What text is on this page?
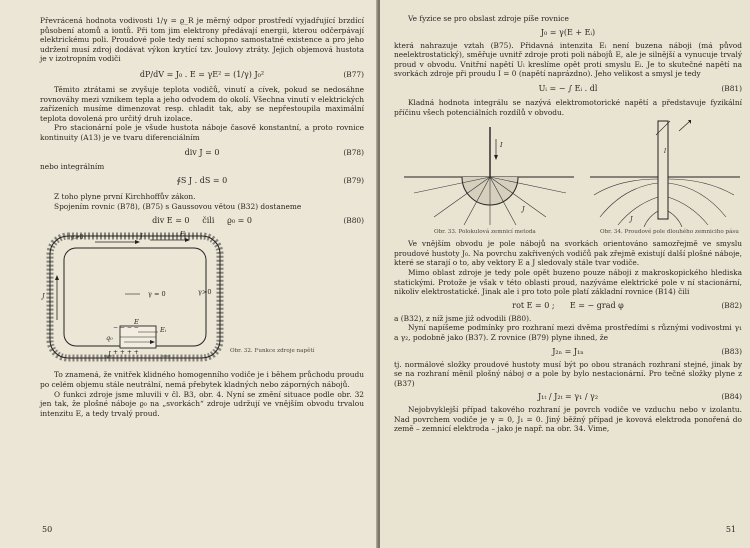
Převrácená hodnota vodivosti 1/γ = ϱ_R je měrný odpor prostředí vyjadřující brzdící působení atomů a iontů. Při tom jim elektrony předávají energii, kterou odčerpávají elektrickému poli. Proudové pole tedy není schopno samostatné existence a pro jeho udržení musí zdroj dodávat výkon krytící tzv. Joulovy ztráty. Jejich objemová hustota je v izotropním vodiči

dP/dV = J₀ . E = γE² = (1/γ) J₀²	(B77)

Těmito ztrátami se zvyšuje teplota vodičů, vinutí a cívek, pokud se nedosáhne rovnováhy mezi vznikem tepla a jeho odvodem do okolí. Všechna vinutí v elektrických zařízeních musíme dimenzovat resp. chladit tak, aby se nepřestoupila maximální teplota dovolená pro určitý druh izolace.

Pro stacionární pole je všude hustota náboje časově konstantní, a proto rovnice kontinuity (A13) je ve tvaru diferenciálním

div J = 0	(B78)

nebo integrálním

∮S J . dS = 0	(B79)

Z toho plyne první Kirchhoffův zákon.

Spojením rovnic (B78), (B75) s Gaussovou větou (B32) dostaneme

div E = 0 čili ϱ₀ = 0	(B80)
− − − −
+ + + +
γ>0	J	E
J	γ = 0	γ>0
E
Eᵢ
q₀
J	Obr. 32. Funkce zdroje napětí

To znamená, že vnitřek klidného homogenního vodiče je i během průchodu proudu po celém objemu stále neutrální, nemá přebytek kladných nebo záporných nábojů.

O funkci zdroje jsme mluvili v čl. B3, obr. 4. Nyní se změní situace podle obr. 32 jen tak, že plošné náboje ϱ₀ na „svorkách“ zdroje udržují ve vnějším obvodu trvalou intenzitu E, a tedy trvalý proud.

50

Ve fyzice se pro obslast zdroje píše rovnice

J₀ = γ(E + Eᵢ)

která nahrazuje vztah (B75). Přidavná intenzita Eᵢ není buzena náboji (má původ neelektrostatický), směřuje uvnitř zdroje proti poli nábojů E, ale je silnější a vynucuje trvalý proud v obvodu. Vnitřní napětí Uᵢ kreslíme opět proti smyslu Eᵢ. Je to skutečné napětí na svorkách zdroje při proudu I = 0 (napětí naprázdno). Jeho velikost a smysl je tedy

Uᵢ = − ∫ Eᵢ . dl	(B81)

Kladná hodnota integrálu se nazývá elektromotorické napětí a představuje fyzikální příčinu všech potenciálních rozdílů v obvodu.

I
J
l
J
Obr. 33. Polokulová zemnicí metoda	Obr. 34. Proudové pole dlouhého zemniciho pásu

Ve vnějším obvodu je pole nábojů na svorkách orientováno samozřejmě ve smyslu proudové hustoty J₀. Na povrchu zakřivených vodičů pak zřejmě existují další plošné náboje, které se starají o to, aby vektory E a J sledovaly stále tvar vodiče.

Mimo oblast zdroje je tedy pole opět buzeno pouze náboji z makroskopického hlediska statickými. Protože je však v této oblasti proud, nazýváme elektrické pole v ní stacionární, nikoliv elektrostatické. Jinak ale i pro toto pole platí základní rovnice (B14) čili

rot E = 0 ; E = − grad φ	(B82)

a (B32), z níž jsme již odvodili (B80).

Nyní napíšeme podmínky pro rozhraní mezi dvěma prostředími s různými vodivostmi γ₁ a γ₂, podobně jako (B37). Z rovnice (B79) plyne ihned, že

J₂ₙ = J₁ₙ	(B83)

tj. normálové složky proudové hustoty musí být po obou stranách rozhraní stejné, jinak by se na rozhraní měnil plošný náboj σ a pole by bylo nestacionární. Pro tečné složky plyne z (B37)

J₁ₜ / J₂ₜ = γ₁ / γ₂	(B84)

Nejobvyklejší případ takového rozhraní je povrch vodiče ve vzduchu nebo v izolantu. Nad povrchem vodiče je γ = 0, J₁ = 0. Jiný běžný případ je kovová elektroda ponořená do země – zemnicí elektroda – jako je např. na obr. 34. Vime,

51
